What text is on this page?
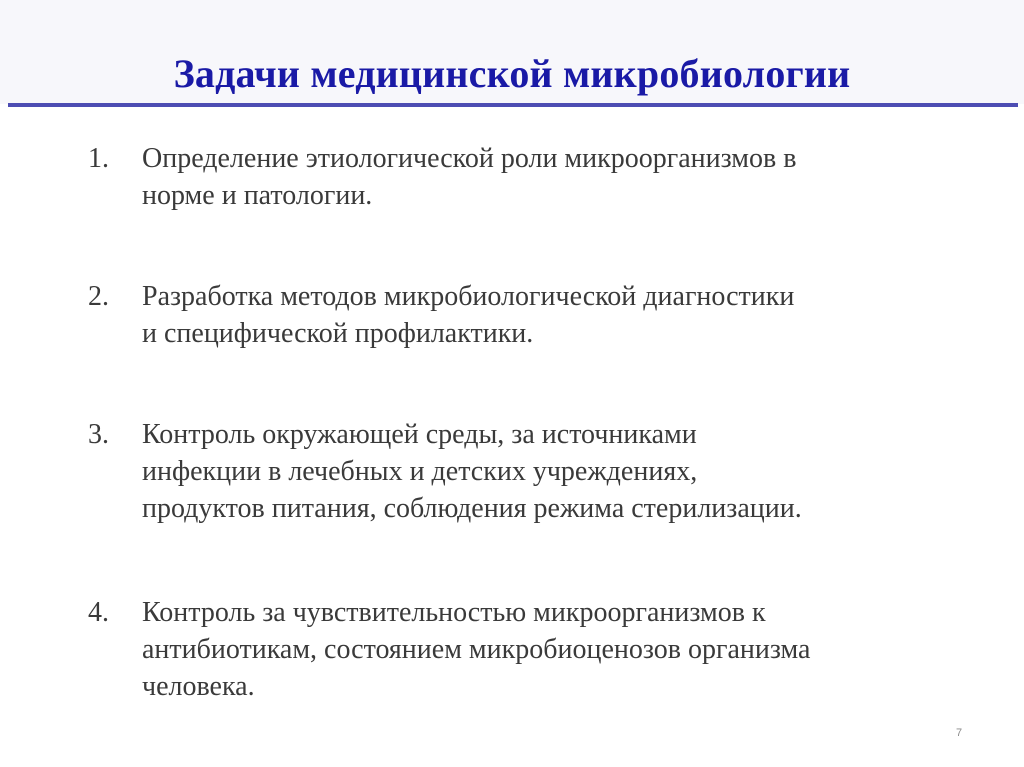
Задачи медицинской микробиологии
1.	Определение этиологической роли микроорганизмов в
норме и патологии.
2.	Разработка методов микробиологической диагностики
и специфической профилактики.
3.	Контроль окружающей среды, за источниками
инфекции в лечебных и детских учреждениях,
продуктов питания, соблюдения режима стерилизации.
4.	Контроль за чувствительностью микроорганизмов к
антибиотикам, состоянием микробиоценозов организма
человека.
7
